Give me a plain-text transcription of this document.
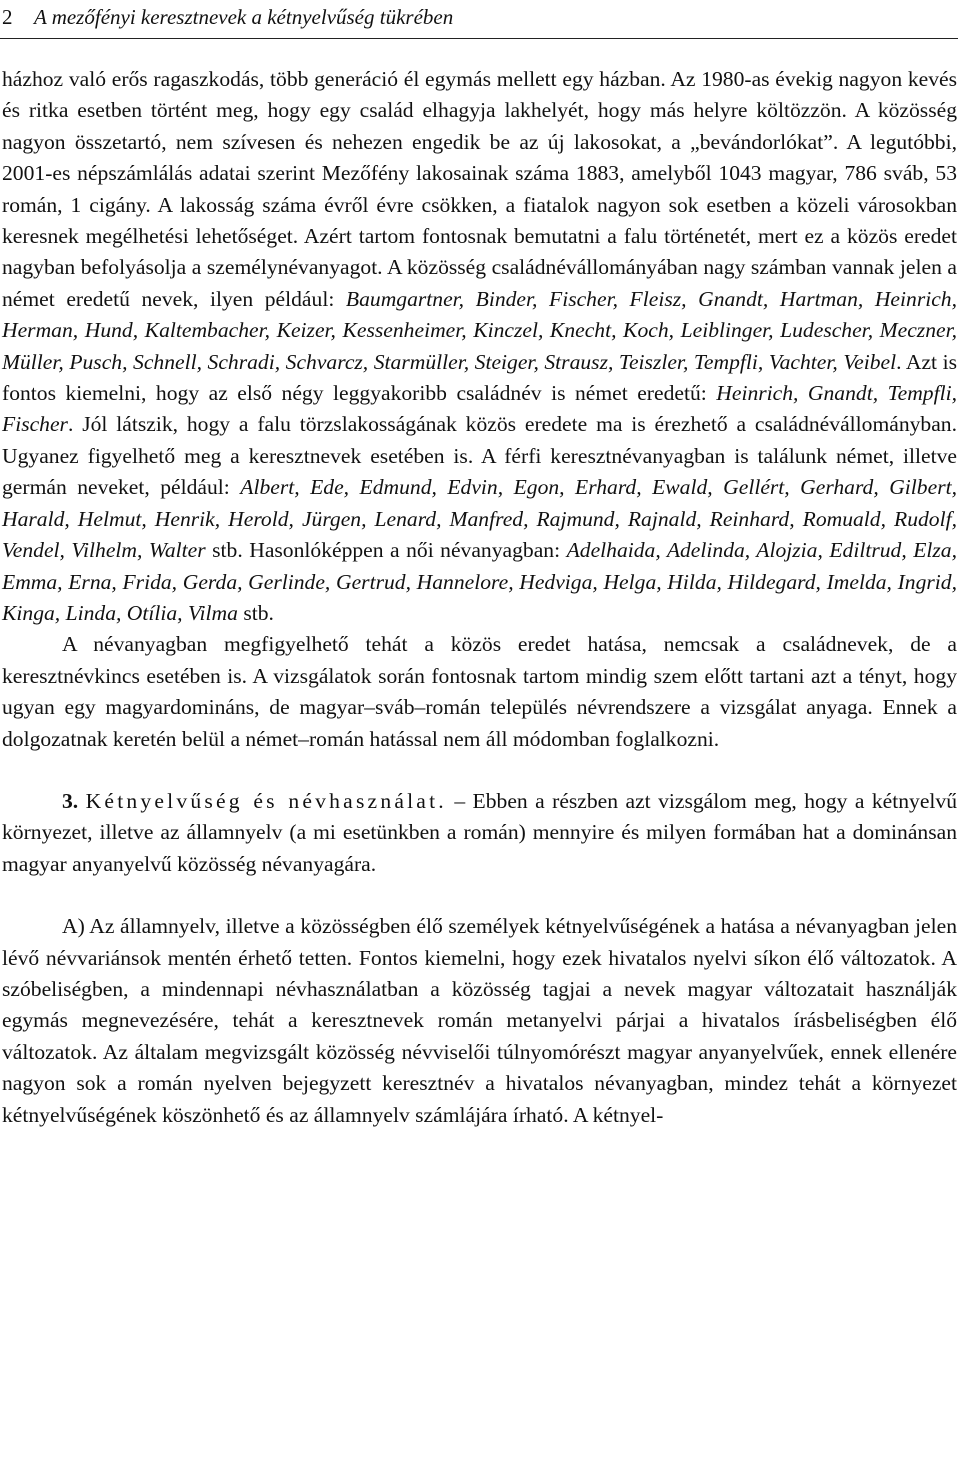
2 A mezőfényi keresztnevek a kétnyelvűség tükrében

házhoz való erős ragaszkodás, több generáció él egymás mellett egy házban. Az 1980-as évekig nagyon kevés és ritka esetben történt meg, hogy egy család elhagyja lakhelyét, hogy más helyre költözzön. A közösség nagyon összetartó, nem szívesen és nehezen engedik be az új lakosokat, a „bevándorlókat”. A legutóbbi, 2001-es népszámlálás adatai szerint Mezőfény lakosainak száma 1883, amelyből 1043 magyar, 786 sváb, 53 román, 1 cigány. A lakosság száma évről évre csökken, a fiatalok nagyon sok esetben a közeli városokban keresnek megélhetési lehetőséget. Azért tartom fontosnak bemutatni a falu történetét, mert ez a közös eredet nagyban befolyásolja a személynévanyagot. A közösség családnévállományában nagy számban vannak jelen a német eredetű nevek, ilyen például: Baumgartner, Binder, Fischer, Fleisz, Gnandt, Hartman, Heinrich, Herman, Hund, Kaltembacher, Keizer, Kessenheimer, Kinczel, Knecht, Koch, Leiblinger, Ludescher, Meczner, Müller, Pusch, Schnell, Schradi, Schvarcz, Starmüller, Steiger, Strausz, Teiszler, Tempfli, Vachter, Veibel. Azt is fontos kiemelni, hogy az első négy leggyakoribb családnév is német eredetű: Heinrich, Gnandt, Tempfli, Fischer. Jól látszik, hogy a falu törzslakosságának közös eredete ma is érezhető a családnévállományban. Ugyanez figyelhető meg a keresztnevek esetében is. A férfi keresztnévanyagban is találunk német, illetve germán neveket, például: Albert, Ede, Edmund, Edvin, Egon, Erhard, Ewald, Gellért, Gerhard, Gilbert, Harald, Helmut, Henrik, Herold, Jürgen, Lenard, Manfred, Rajmund, Rajnald, Reinhard, Romuald, Rudolf, Vendel, Vilhelm, Walter stb. Hasonlóképpen a női névanyagban: Adelhaida, Adelinda, Alojzia, Ediltrud, Elza, Emma, Erna, Frida, Gerda, Gerlinde, Gertrud, Hannelore, Hedviga, Helga, Hilda, Hildegard, Imelda, Ingrid, Kinga, Linda, Otília, Vilma stb.

A névanyagban megfigyelhető tehát a közös eredet hatása, nemcsak a családnevek, de a keresztnévkincs esetében is. A vizsgálatok során fontosnak tartom mindig szem előtt tartani azt a tényt, hogy ugyan egy magyardomináns, de magyar–sváb–román település névrendszere a vizsgálat anyaga. Ennek a dolgozatnak keretén belül a német–román hatással nem áll módomban foglalkozni.

3. Kétnyelvűség és névhasználat. – Ebben a részben azt vizsgálom meg, hogy a kétnyelvű környezet, illetve az államnyelv (a mi esetünkben a román) mennyire és milyen formában hat a dominánsan magyar anyanyelvű közösség névanyagára.

A) Az államnyelv, illetve a közösségben élő személyek kétnyelvűségének a hatása a névanyagban jelen lévő névvariánsok mentén érhető tetten. Fontos kiemelni, hogy ezek hivatalos nyelvi síkon élő változatok. A szóbeliségben, a mindennapi névhasználatban a közösség tagjai a nevek magyar változatait használják egymás megnevezésére, tehát a keresztnevek román metanyelvi párjai a hivatalos írásbeliségben élő változatok. Az általam megvizsgált közösség névviselői túlnyomórészt magyar anyanyelvűek, ennek ellenére nagyon sok a román nyelven bejegyzett keresztnév a hivatalos névanyagban, mindez tehát a környezet kétnyelvűségének köszönhető és az államnyelv számlájára írható. A kétnyel-
